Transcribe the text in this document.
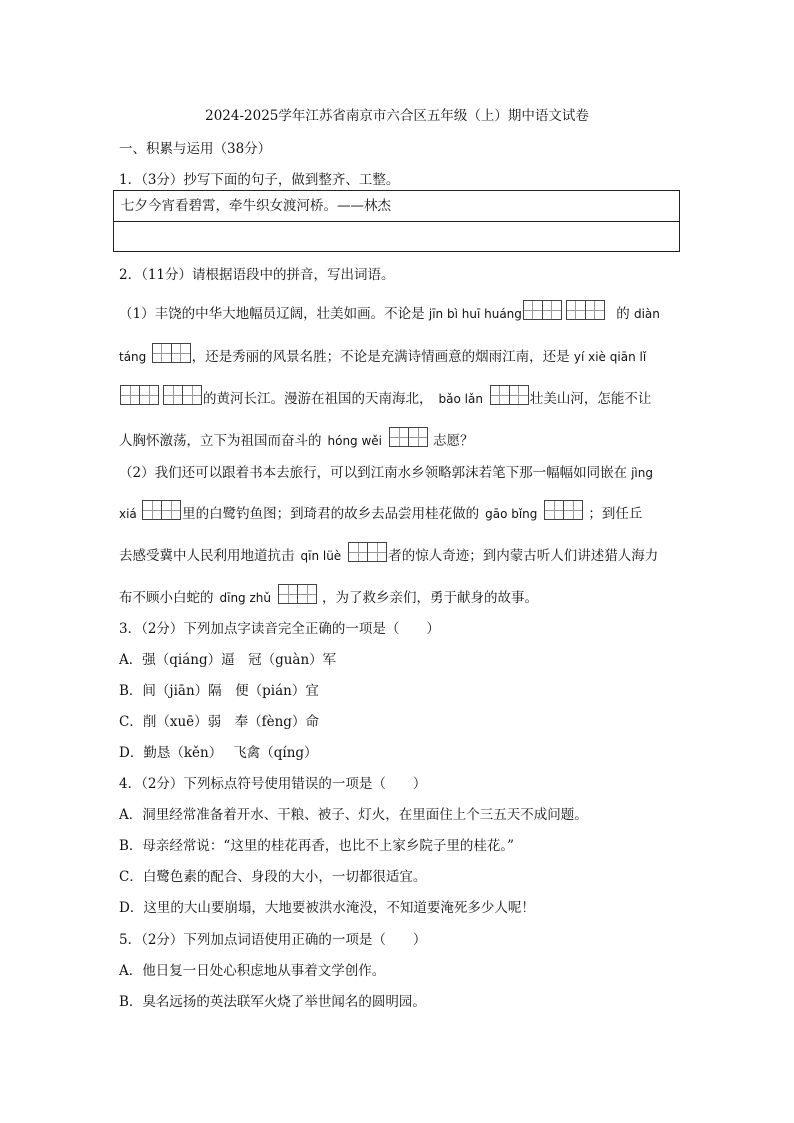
2024-2025学年江苏省南京市六合区五年级（上）期中语文试卷
一、积累与运用（38分）
1．（3分）抄写下面的句子，做到整齐、工整。
七夕今宵看碧霄，牵牛织女渡河桥。——林杰
2．（11分）请根据语段中的拼音，写出词语。
（1）丰饶的中华大地幅员辽阔，壮美如画。不论是 jīn bì huī huáng	的 diàn
táng	，还是秀丽的风景名胜；不论是充满诗情画意的烟雨江南，还是 yí xiè qiān lǐ
的黄河长江。漫游在祖国的天南海北， bǎo lǎn	壮美山河，怎能不让
人胸怀激荡，立下为祖国而奋斗的 hóng wěi	志愿？
（2）我们还可以跟着书本去旅行，可以到江南水乡领略郭沫若笔下那一幅幅如同嵌在 jìng
xiá	里的白鹭钓鱼图；到琦君的故乡去品尝用桂花做的 gāo bǐng	；到任丘
去感受冀中人民利用地道抗击 qīn lüè	者的惊人奇迹；到内蒙古听人们讲述猎人海力
布不顾小白蛇的 dīng zhǔ	，为了救乡亲们，勇于献身的故事。
3．（2分）下列加点字读音完全正确的一项是（　　）
A．强（qiáng）逼　冠（guàn）军
B．间（jiān）隔　便（pián）宜
C．削（xuē）弱　奉（fèng）命
D．勤恳（kěn）　 飞禽（qíng）
4．（2分）下列标点符号使用错误的一项是（　　）
A．洞里经常准备着开水、干粮、被子、灯火，在里面住上个三五天不成问题。
B．母亲经常说：“这里的桂花再香，也比不上家乡院子里的桂花。”
C．白鹭色素的配合、身段的大小，一切都很适宜。
D．这里的大山要崩塌，大地要被洪水淹没，不知道要淹死多少人呢！
5．（2分）下列加点词语使用正确的一项是（　　）
A．他日复一日处心积虑地从事着文学创作。
B．臭名远扬的英法联军火烧了举世闻名的圆明园。
